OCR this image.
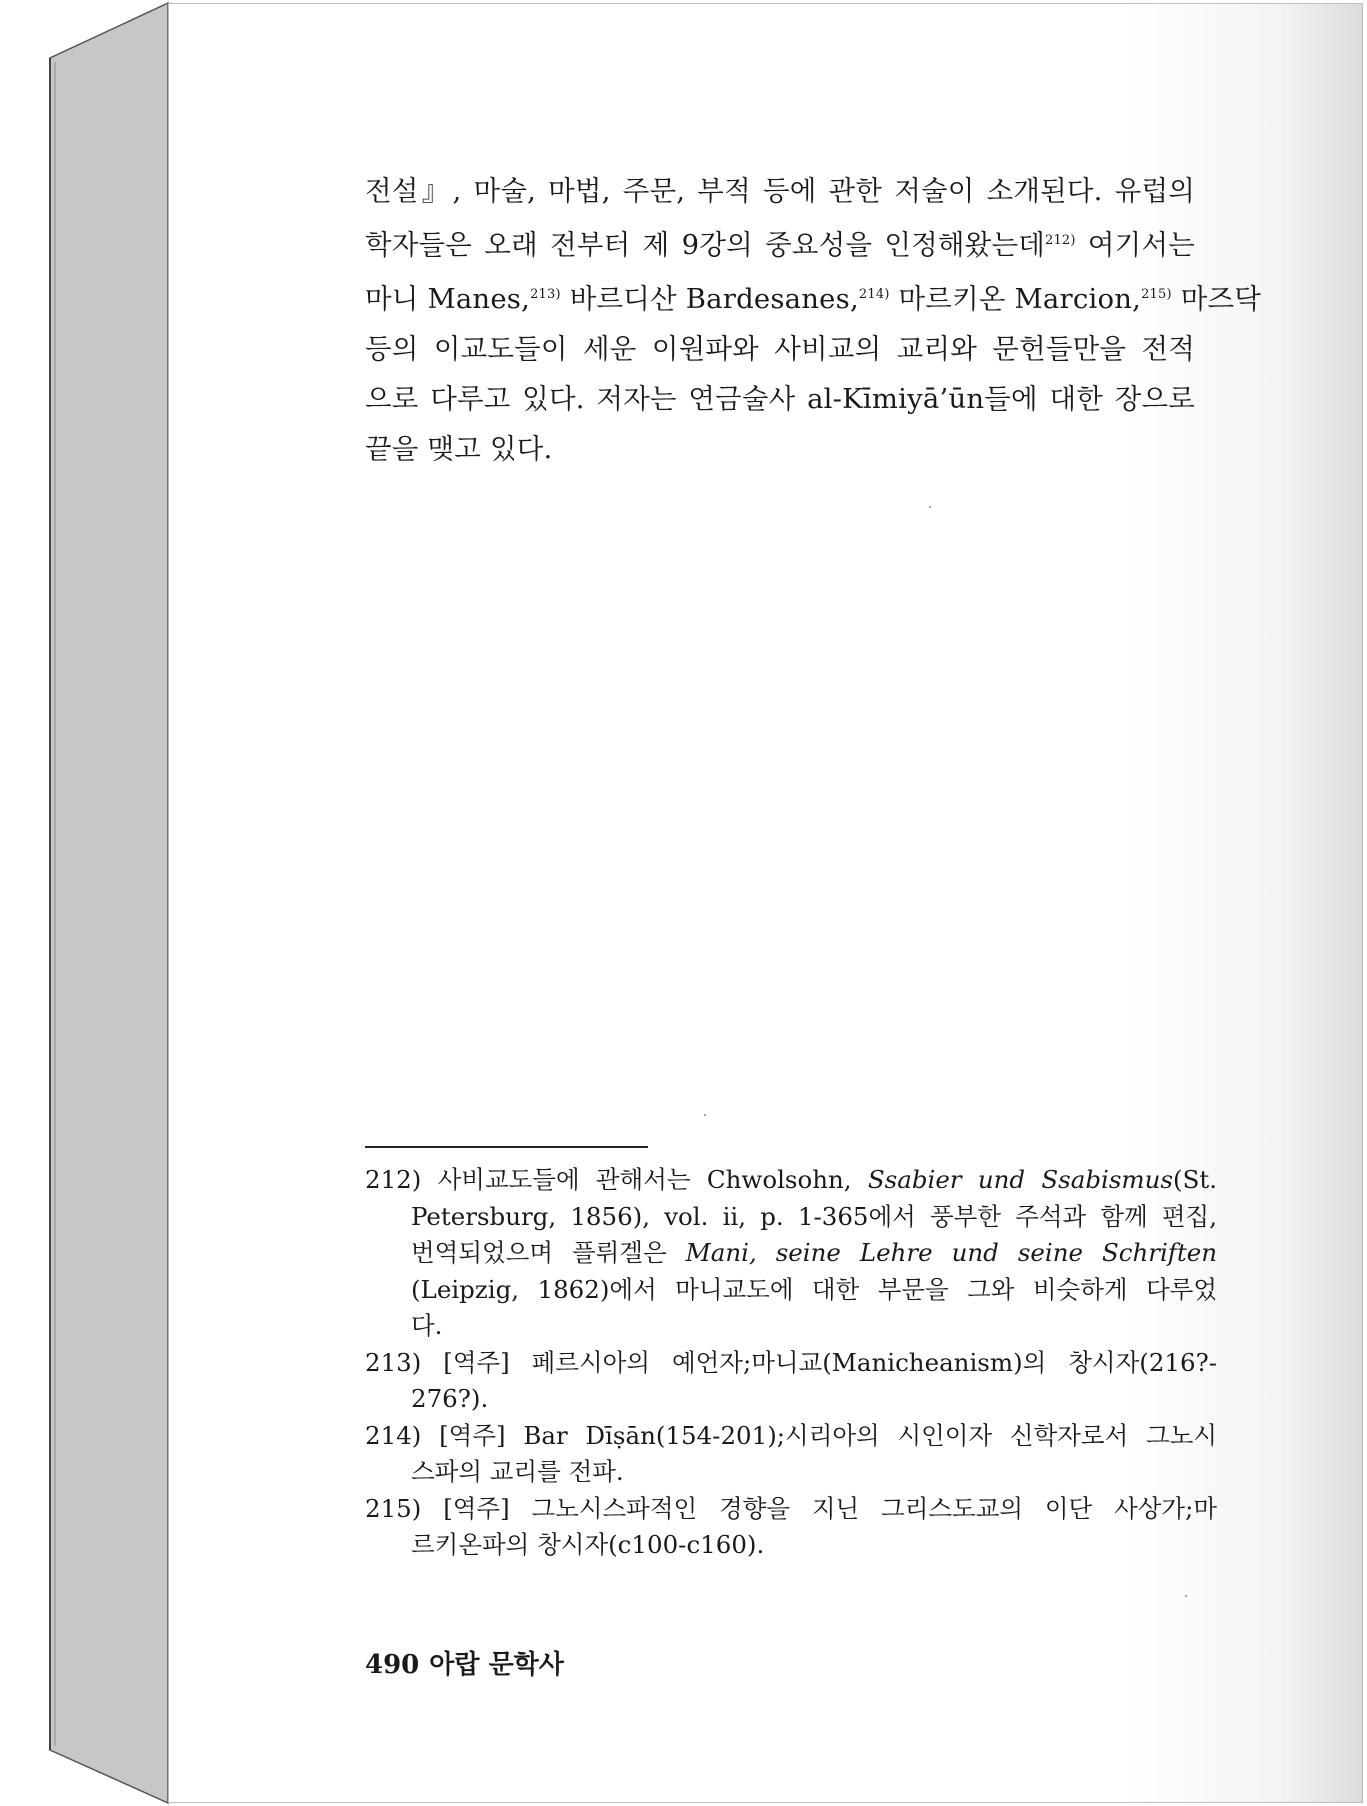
전설』, 마술, 마법, 주문, 부적 등에 관한 저술이 소개된다. 유럽의
학자들은 오래 전부터 제 9강의 중요성을 인정해왔는데$^{212)}$ 여기서는
마니 Manes,$^{213)}$ 바르디산 Bardesanes,$^{214)}$ 마르키온 Marcion,$^{215)}$ 마즈닥
등의 이교도들이 세운 이원파와 사비교의 교리와 문헌들만을 전적
으로 다루고 있다. 저자는 연금술사 al-Kīmiyā’ūn들에 대한 장으로
끝을 맺고 있다.
212) 사비교도들에 관해서는 Chwolsohn, Ssabier und Ssabismus(St.
Petersburg, 1856), vol. ii, p. 1-365에서 풍부한 주석과 함께 편집,
번역되었으며 플뤼겔은 Mani, seine Lehre und seine Schriften
(Leipzig, 1862)에서 마니교도에 대한 부문을 그와 비슷하게 다루었
다.
213) [역주] 페르시아의 예언자;마니교(Manicheanism)의 창시자(216?-
276?).
214) [역주] Bar Dīṣān(154-201);시리아의 시인이자 신학자로서 그노시
스파의 교리를 전파.
215) [역주] 그노시스파적인 경향을 지닌 그리스도교의 이단 사상가;마
르키온파의 창시자(c100-c160).
490 아랍 문학사
